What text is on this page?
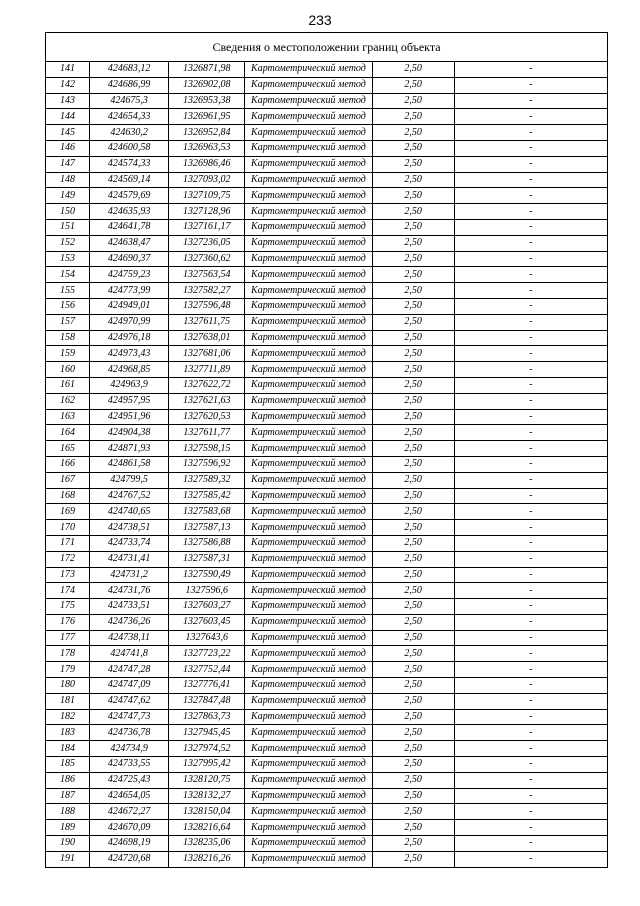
233
Сведения о местоположении границ объекта					
141	424683,12	1326871,98	Картометрический метод	2,50	-
142	424686,99	1326902,08	Картометрический метод	2,50	-
143	424675,3	1326953,38	Картометрический метод	2,50	-
144	424654,33	1326961,95	Картометрический метод	2,50	-
145	424630,2	1326952,84	Картометрический метод	2,50	-
146	424600,58	1326963,53	Картометрический метод	2,50	-
147	424574,33	1326986,46	Картометрический метод	2,50	-
148	424569,14	1327093,02	Картометрический метод	2,50	-
149	424579,69	1327109,75	Картометрический метод	2,50	-
150	424635,93	1327128,96	Картометрический метод	2,50	-
151	424641,78	1327161,17	Картометрический метод	2,50	-
152	424638,47	1327236,05	Картометрический метод	2,50	-
153	424690,37	1327360,62	Картометрический метод	2,50	-
154	424759,23	1327563,54	Картометрический метод	2,50	-
155	424773,99	1327582,27	Картометрический метод	2,50	-
156	424949,01	1327596,48	Картометрический метод	2,50	-
157	424970,99	1327611,75	Картометрический метод	2,50	-
158	424976,18	1327638,01	Картометрический метод	2,50	-
159	424973,43	1327681,06	Картометрический метод	2,50	-
160	424968,85	1327711,89	Картометрический метод	2,50	-
161	424963,9	1327622,72	Картометрический метод	2,50	-
162	424957,95	1327621,63	Картометрический метод	2,50	-
163	424951,96	1327620,53	Картометрический метод	2,50	-
164	424904,38	1327611,77	Картометрический метод	2,50	-
165	424871,93	1327598,15	Картометрический метод	2,50	-
166	424861,58	1327596,92	Картометрический метод	2,50	-
167	424799,5	1327589,32	Картометрический метод	2,50	-
168	424767,52	1327585,42	Картометрический метод	2,50	-
169	424740,65	1327583,68	Картометрический метод	2,50	-
170	424738,51	1327587,13	Картометрический метод	2,50	-
171	424733,74	1327586,88	Картометрический метод	2,50	-
172	424731,41	1327587,31	Картометрический метод	2,50	-
173	424731,2	1327590,49	Картометрический метод	2,50	-
174	424731,76	1327596,6	Картометрический метод	2,50	-
175	424733,51	1327603,27	Картометрический метод	2,50	-
176	424736,26	1327603,45	Картометрический метод	2,50	-
177	424738,11	1327643,6	Картометрический метод	2,50	-
178	424741,8	1327723,22	Картометрический метод	2,50	-
179	424747,28	1327752,44	Картометрический метод	2,50	-
180	424747,09	1327776,41	Картометрический метод	2,50	-
181	424747,62	1327847,48	Картометрический метод	2,50	-
182	424747,73	1327863,73	Картометрический метод	2,50	-
183	424736,78	1327945,45	Картометрический метод	2,50	-
184	424734,9	1327974,52	Картометрический метод	2,50	-
185	424733,55	1327995,42	Картометрический метод	2,50	-
186	424725,43	1328120,75	Картометрический метод	2,50	-
187	424654,05	1328132,27	Картометрический метод	2,50	-
188	424672,27	1328150,04	Картометрический метод	2,50	-
189	424670,09	1328216,64	Картометрический метод	2,50	-
190	424698,19	1328235,06	Картометрический метод	2,50	-
191	424720,68	1328216,26	Картометрический метод	2,50	-
